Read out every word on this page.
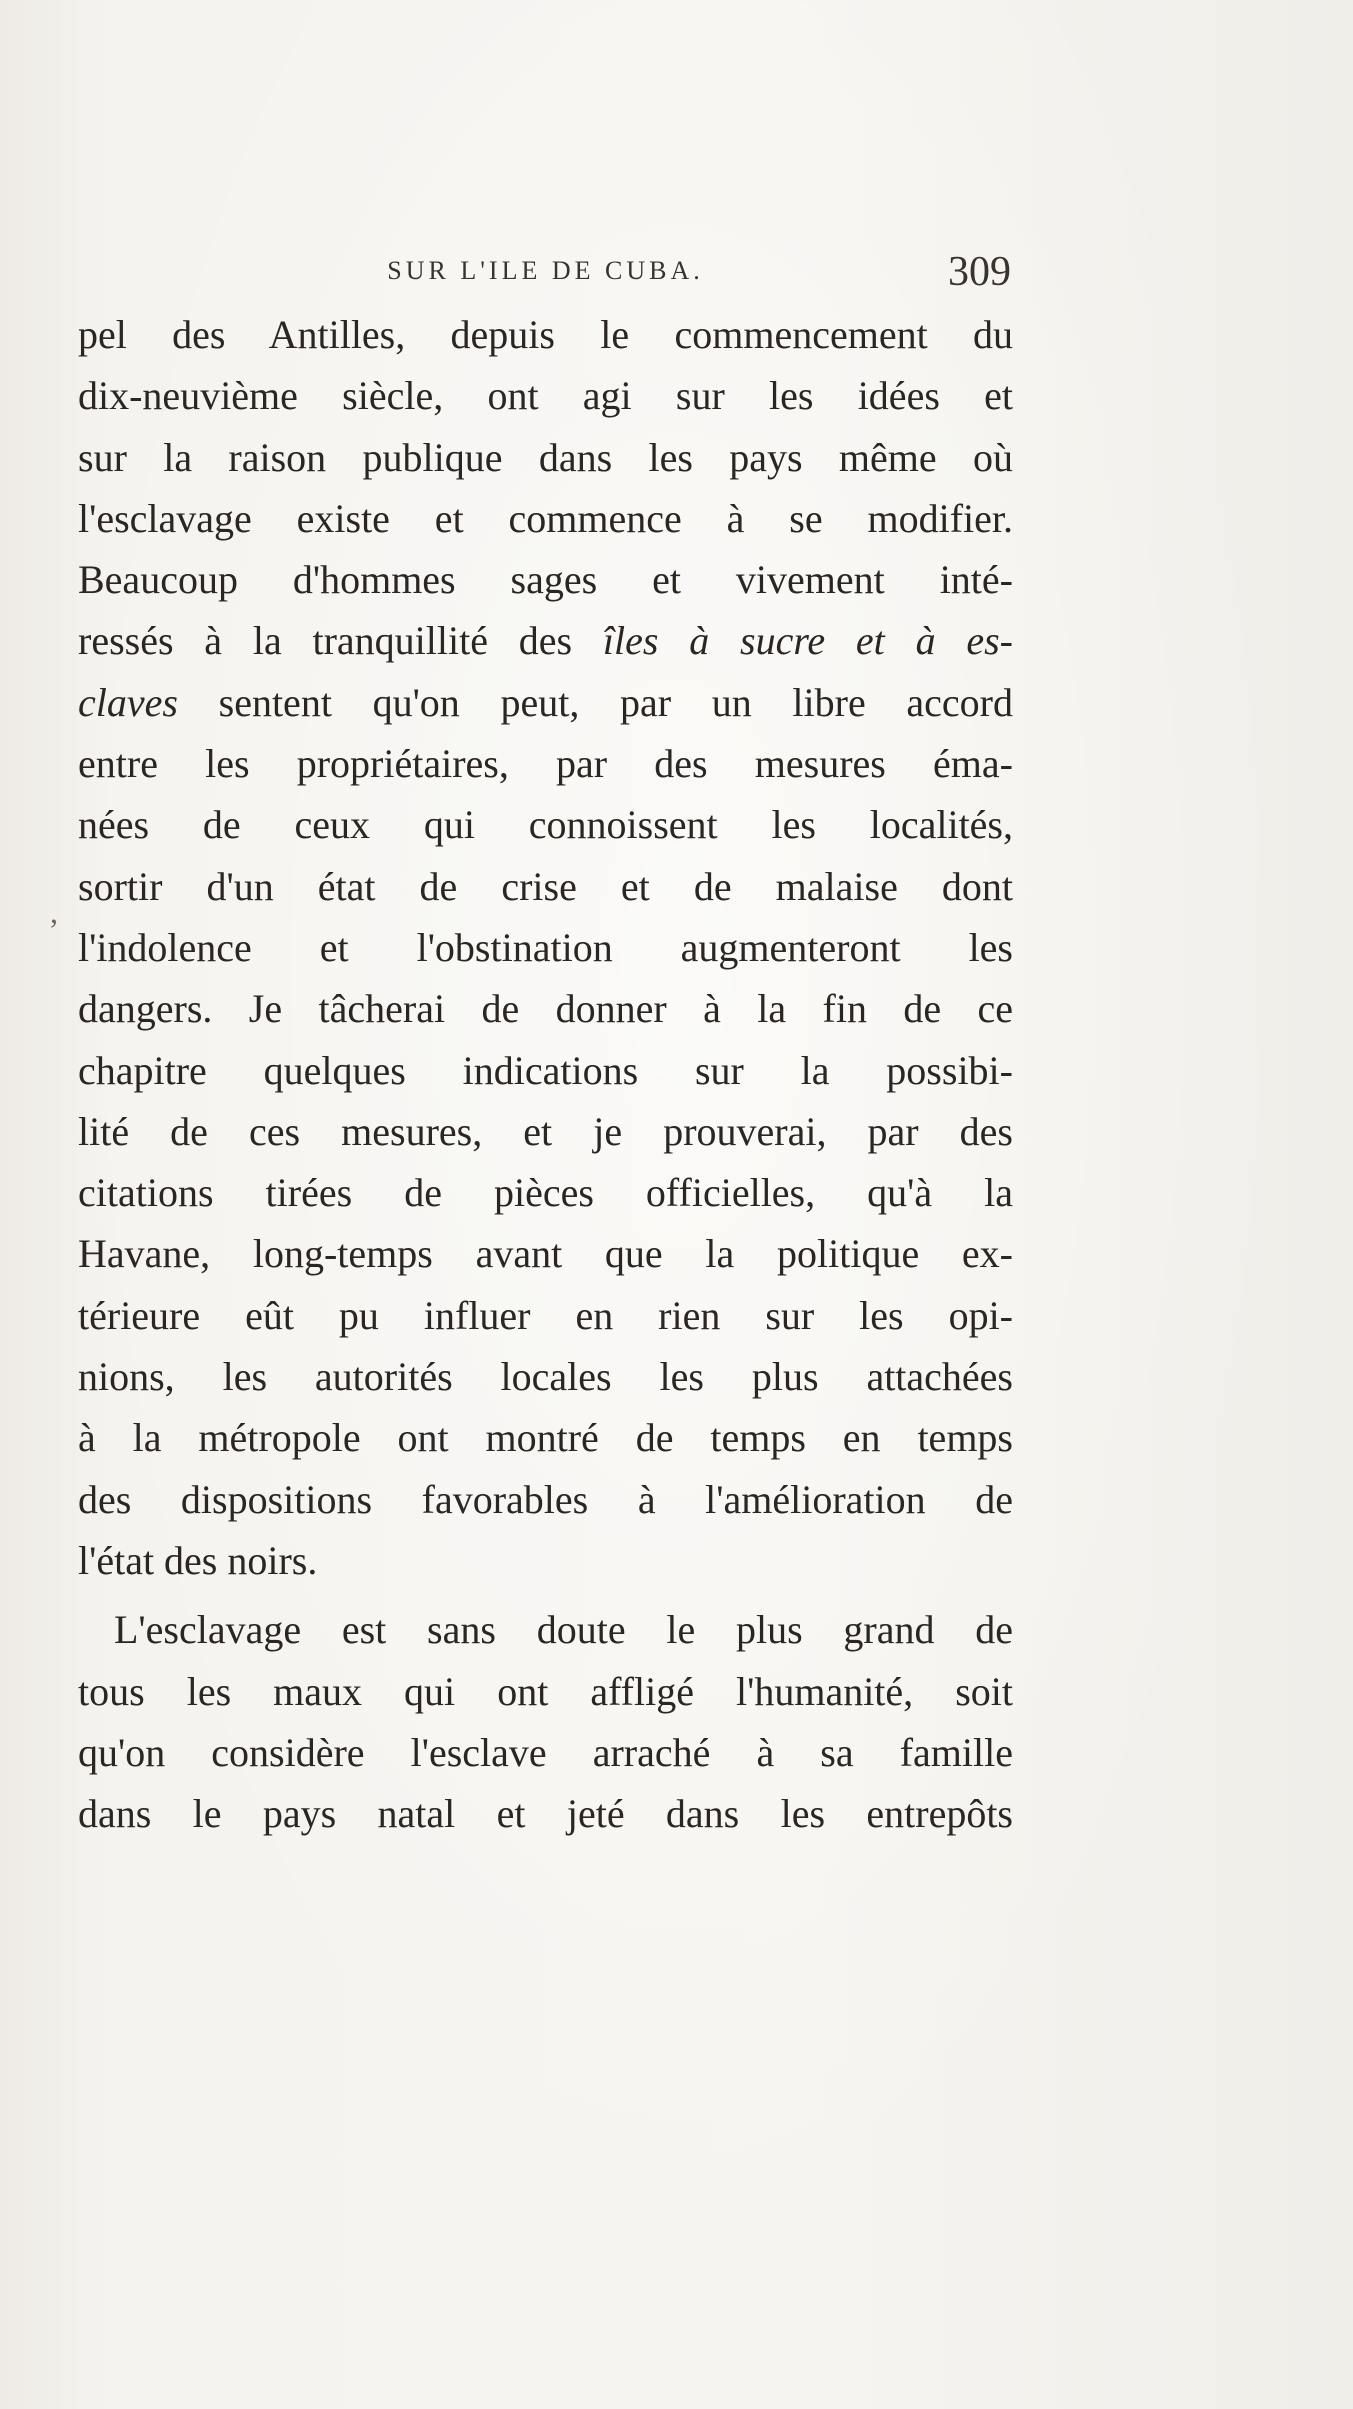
SUR L'ILE DE CUBA.	309
,
pel des Antilles, depuis le commencement du
dix-neuvième siècle, ont agi sur les idées et
sur la raison publique dans les pays même où
l'esclavage existe et commence à se modifier.
Beaucoup d'hommes sages et vivement inté-
ressés à la tranquillité des îles à sucre et à es-
claves sentent qu'on peut, par un libre accord
entre les propriétaires, par des mesures éma-
nées de ceux qui connoissent les localités,
sortir d'un état de crise et de malaise dont
l'indolence et l'obstination augmenteront les
dangers. Je tâcherai de donner à la fin de ce
chapitre quelques indications sur la possibi-
lité de ces mesures, et je prouverai, par des
citations tirées de pièces officielles, qu'à la
Havane, long-temps avant que la politique ex-
térieure eût pu influer en rien sur les opi-
nions, les autorités locales les plus attachées
à la métropole ont montré de temps en temps
des dispositions favorables à l'amélioration de
l'état des noirs.
L'esclavage est sans doute le plus grand de
tous les maux qui ont affligé l'humanité, soit
qu'on considère l'esclave arraché à sa famille
dans le pays natal et jeté dans les entrepôts
